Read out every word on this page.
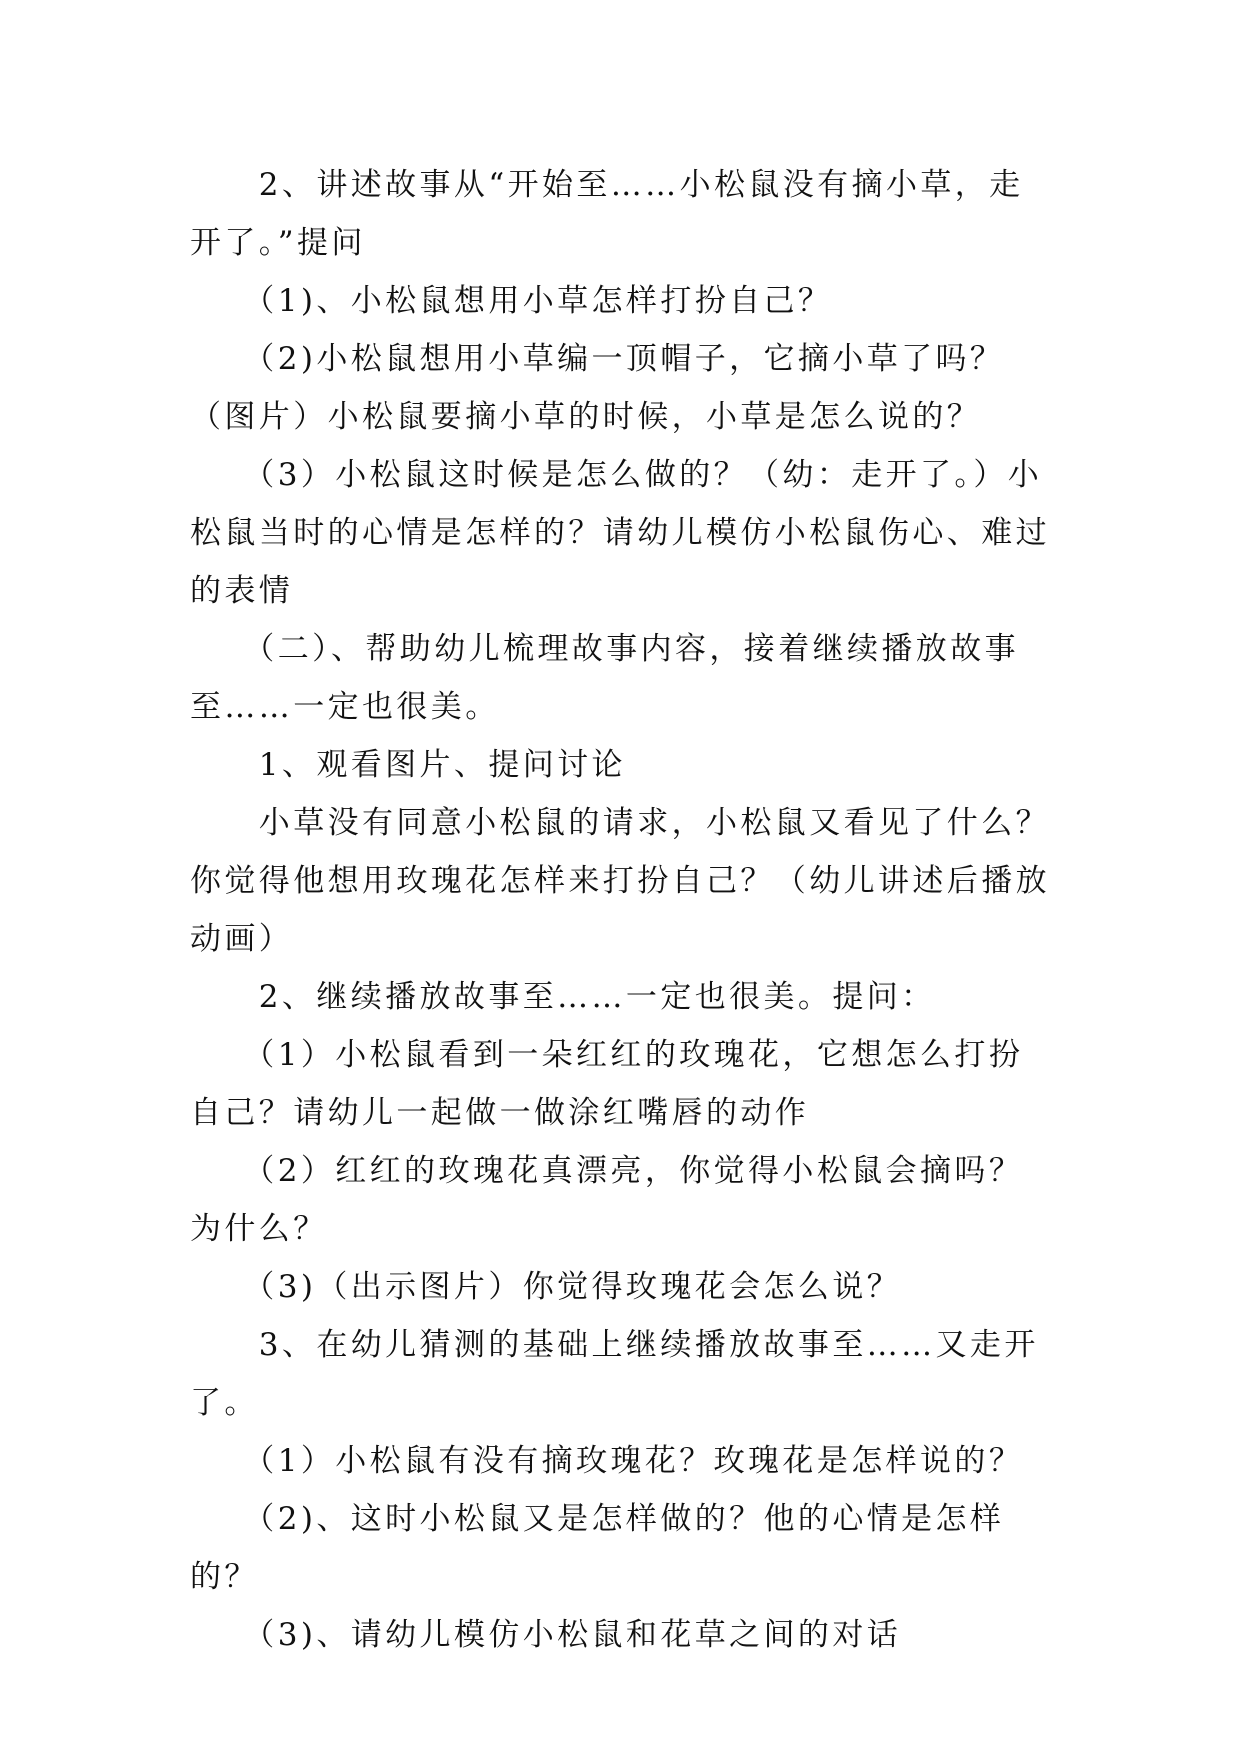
　　2、讲述故事从“开始至……小松鼠没有摘小草，走开了。”提问

　　（1)、小松鼠想用小草怎样打扮自己？

　　（2)小松鼠想用小草编一顶帽子，它摘小草了吗？（图片）小松鼠要摘小草的时候，小草是怎么说的？

　　（3）小松鼠这时候是怎么做的？（幼：走开了。）小松鼠当时的心情是怎样的？请幼儿模仿小松鼠伤心、难过的表情

　　（二）、帮助幼儿梳理故事内容，接着继续播放故事至……一定也很美。

　　1、观看图片、提问讨论

　　小草没有同意小松鼠的请求，小松鼠又看见了什么？你觉得他想用玫瑰花怎样来打扮自己？（幼儿讲述后播放动画）

　　2、继续播放故事至……一定也很美。提问：

　　（1）小松鼠看到一朵红红的玫瑰花，它想怎么打扮自己？请幼儿一起做一做涂红嘴唇的动作

　　（2）红红的玫瑰花真漂亮，你觉得小松鼠会摘吗？为什么？

　　（3)（出示图片）你觉得玫瑰花会怎么说？

　　3、在幼儿猜测的基础上继续播放故事至……又走开了。

　　（1）小松鼠有没有摘玫瑰花？玫瑰花是怎样说的？

　　（2)、这时小松鼠又是怎样做的？他的心情是怎样的？

　　（3)、请幼儿模仿小松鼠和花草之间的对话
